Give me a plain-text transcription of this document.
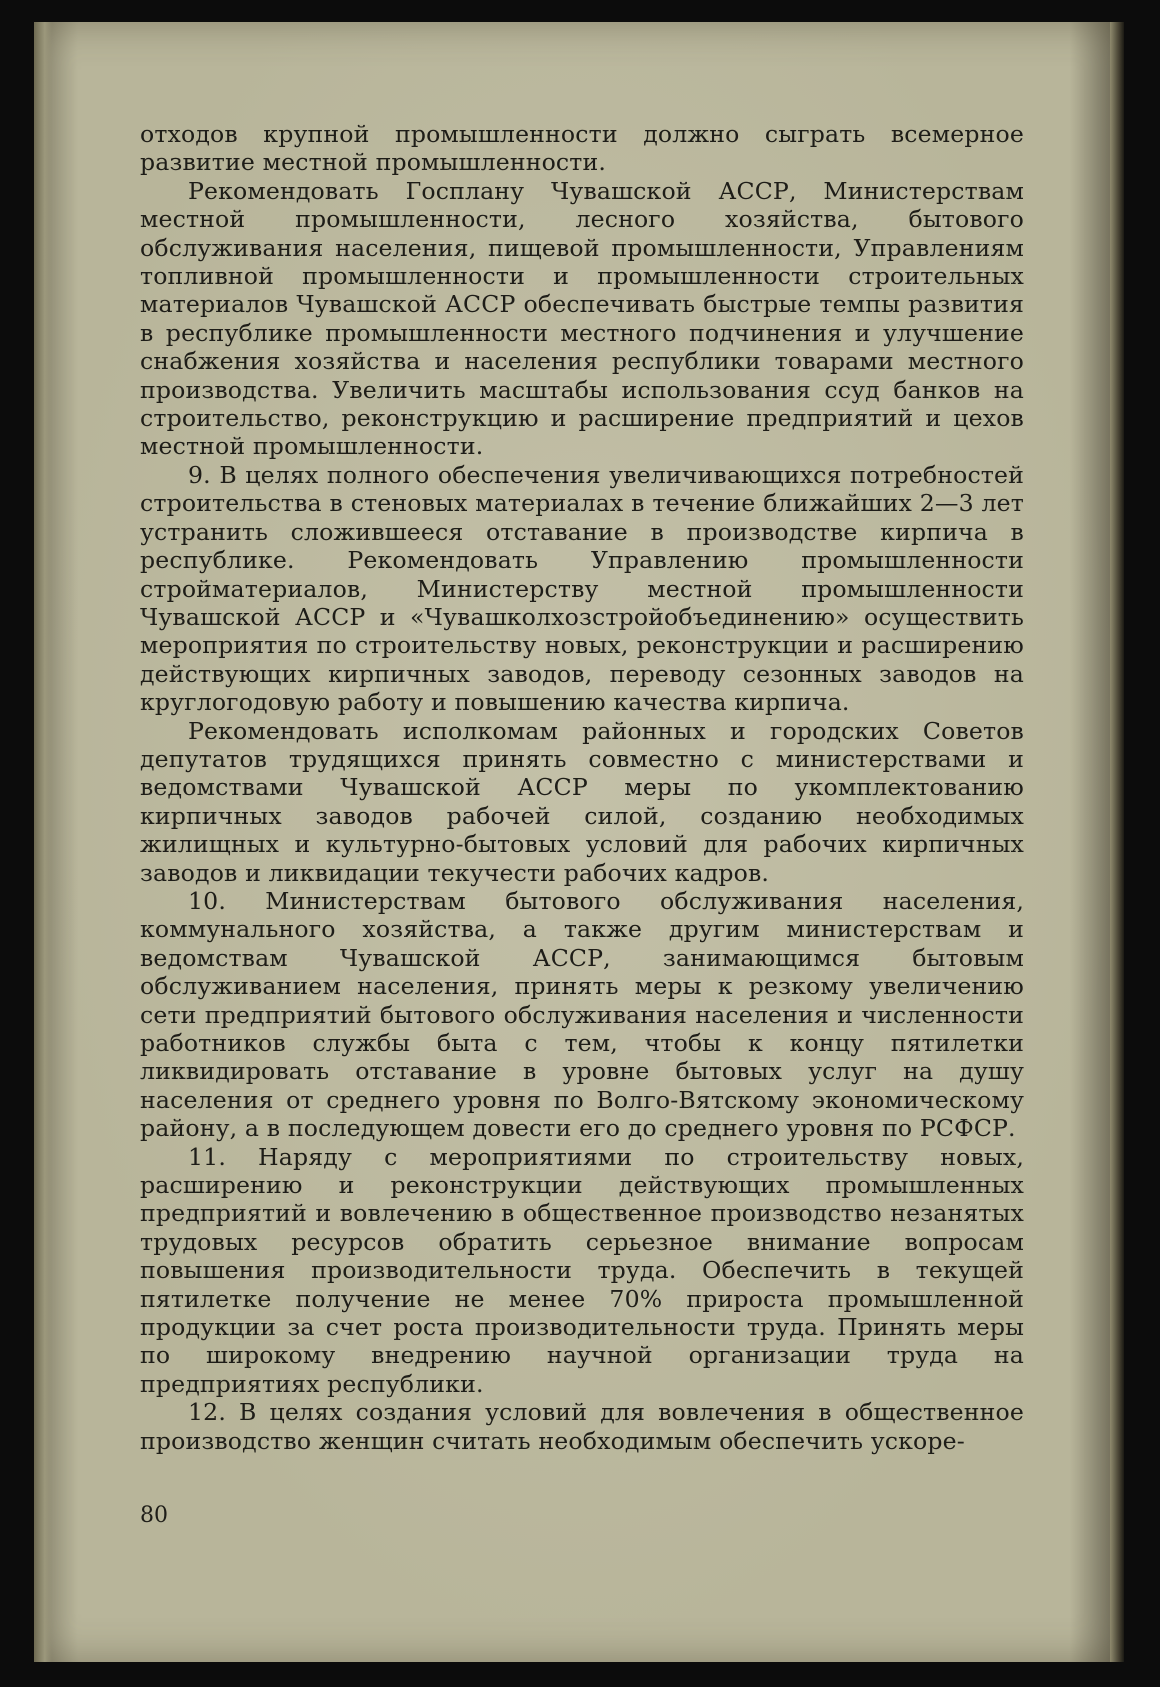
отходов крупной промышленности должно сыграть всемерное развитие местной промышленности.

Рекомендовать Госплану Чувашской АССР, Министерствам местной промышленности, лесного хозяйства, бытового обслуживания населения, пищевой промышленности, Управлениям топливной промышленности и промышленности строительных материалов Чувашской АССР обеспечивать быстрые темпы развития в республике промышленности местного подчинения и улучшение снабжения хозяйства и населения республики товарами местного производства. Увеличить масштабы использования ссуд банков на строительство, реконструкцию и расширение предприятий и цехов местной промышленности.

9. В целях полного обеспечения увеличивающихся потребностей строительства в стеновых материалах в течение ближайших 2—3 лет устранить сложившееся отставание в производстве кирпича в республике. Рекомендовать Управлению промышленности стройматериалов, Министерству местной промышленности Чувашской АССР и «Чувашколхозстройобъединению» осуществить мероприятия по строительству новых, реконструкции и расширению действующих кирпичных заводов, переводу сезонных заводов на круглогодовую работу и повышению качества кирпича.

Рекомендовать исполкомам районных и городских Советов депутатов трудящихся принять совместно с министерствами и ведомствами Чувашской АССР меры по укомплектованию кирпичных заводов рабочей силой, созданию необходимых жилищных и культурно-бытовых условий для рабочих кирпичных заводов и ликвидации текучести рабочих кадров.

10. Министерствам бытового обслуживания населения, коммунального хозяйства, а также другим министерствам и ведомствам Чувашской АССР, занимающимся бытовым обслуживанием населения, принять меры к резкому увеличению сети предприятий бытового обслуживания населения и численности работников службы быта с тем, чтобы к концу пятилетки ликвидировать отставание в уровне бытовых услуг на душу населения от среднего уровня по Волго-Вятскому экономическому району, а в последующем довести его до среднего уровня по РСФСР.

11. Наряду с мероприятиями по строительству новых, расширению и реконструкции действующих промышленных предприятий и вовлечению в общественное производство незанятых трудовых ресурсов обратить серьезное внимание вопросам повышения производительности труда. Обеспечить в текущей пятилетке получение не менее 70% прироста промышленной продукции за счет роста производительности труда. Принять меры по широкому внедрению научной организации труда на предприятиях республики.

12. В целях создания условий для вовлечения в общественное производство женщин считать необходимым обеспечить ускоре-

80
